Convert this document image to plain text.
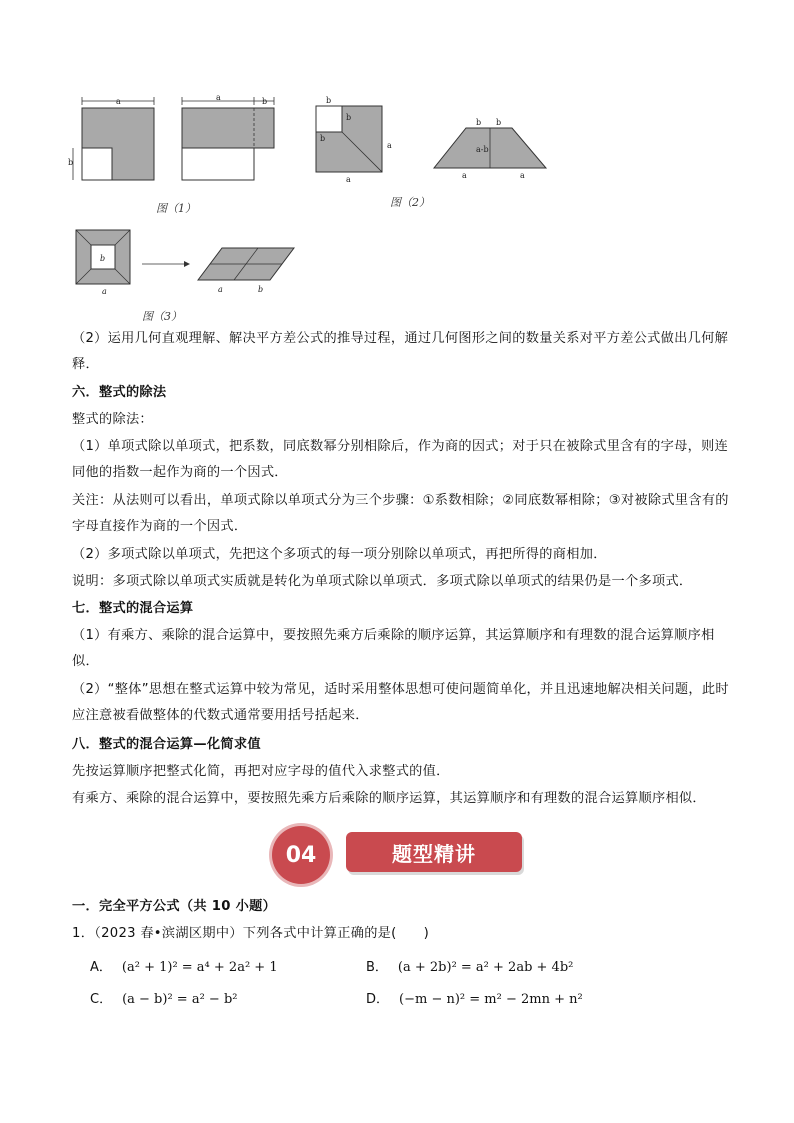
a
b
a	b
图（1）
b
b
b
a
a
b b
a-b
a	a
图（2）
b
a	a	b
图（3）
（2）运用几何直观理解、解决平方差公式的推导过程，通过几何图形之间的数量关系对平方差公式做出几何解释．
六．整式的除法
整式的除法：
（1）单项式除以单项式，把系数，同底数幂分别相除后，作为商的因式；对于只在被除式里含有的字母，则连同他的指数一起作为商的一个因式．
关注：从法则可以看出，单项式除以单项式分为三个步骤：①系数相除；②同底数幂相除；③对被除式里含有的字母直接作为商的一个因式．
（2）多项式除以单项式，先把这个多项式的每一项分别除以单项式，再把所得的商相加．
说明：多项式除以单项式实质就是转化为单项式除以单项式．多项式除以单项式的结果仍是一个多项式．
七．整式的混合运算
（1）有乘方、乘除的混合运算中，要按照先乘方后乘除的顺序运算，其运算顺序和有理数的混合运算顺序相似．
（2）“整体”思想在整式运算中较为常见，适时采用整体思想可使问题简单化，并且迅速地解决相关问题，此时应注意被看做整体的代数式通常要用括号括起来．
八．整式的混合运算—化简求值
先按运算顺序把整式化简，再把对应字母的值代入求整式的值．
有乘方、乘除的混合运算中，要按照先乘方后乘除的顺序运算，其运算顺序和有理数的混合运算顺序相似．
04	题型精讲
一．完全平方公式（共 10 小题）
1．（2023 春•滨湖区期中）下列各式中计算正确的是(　　)
A． (a² + 1)² = a⁴ + 2a² + 1	B． (a + 2b)² = a² + 2ab + 4b²
C． (a − b)² = a² − b²	D． (−m − n)² = m² − 2mn + n²
